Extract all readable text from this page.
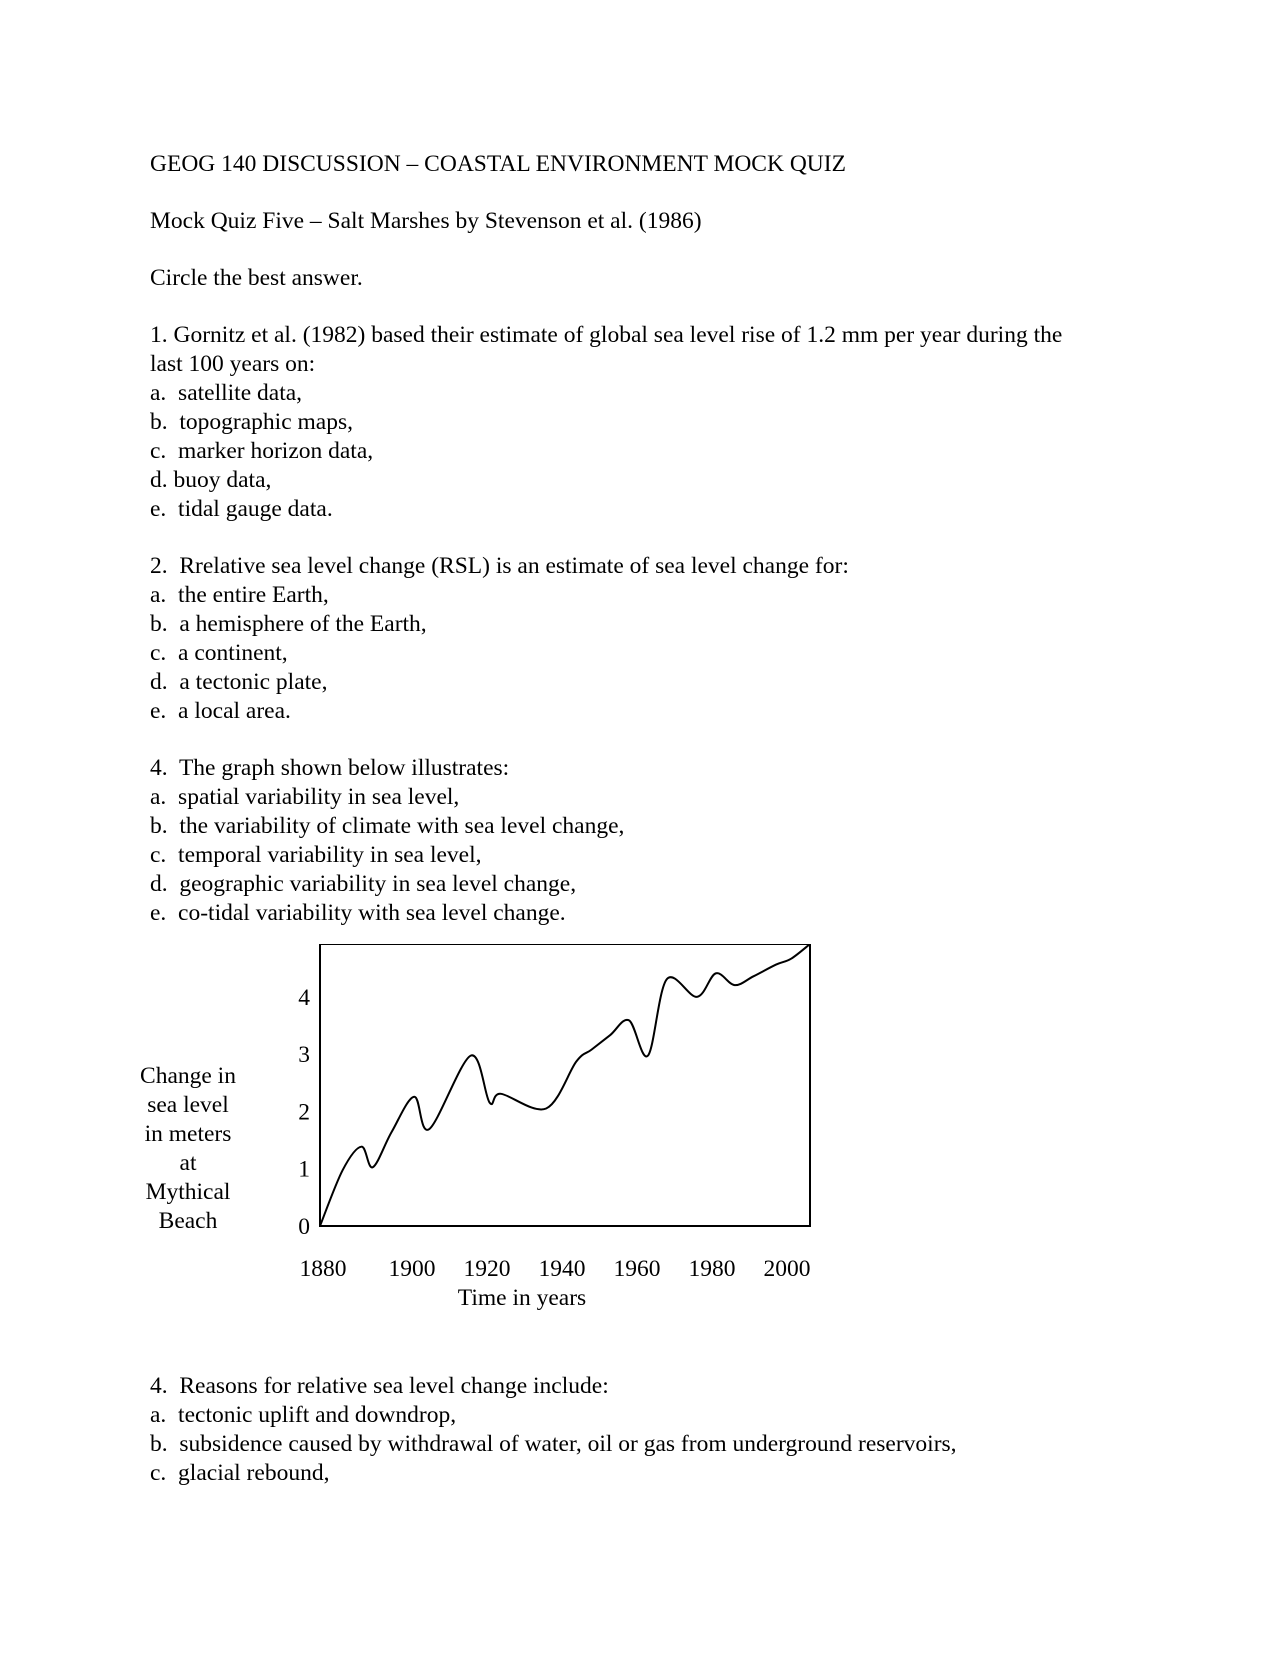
GEOG 140 DISCUSSION – COASTAL ENVIRONMENT MOCK QUIZ
Mock Quiz Five – Salt Marshes by Stevenson et al. (1986)
Circle the best answer.
1. Gornitz et al. (1982) based their estimate of global sea level rise of 1.2 mm per year during the
last 100 years on:
a.  satellite data,
b.  topographic maps,
c.  marker horizon data,
d. buoy data,
e.  tidal gauge data.
2.  Rrelative sea level change (RSL) is an estimate of sea level change for:
a.  the entire Earth,
b.  a hemisphere of the Earth,
c.  a continent,
d.  a tectonic plate,
e.  a local area.
4.  The graph shown below illustrates:
a.  spatial variability in sea level,
b.  the variability of climate with sea level change,
c.  temporal variability in sea level,
d.  geographic variability in sea level change,
e.  co-tidal variability with sea level change.
Change in
sea level
in meters
at
Mythical
Beach	0
1
2
3
4
1880 1900 1920 1940 1960 1980 2000
Time in years
4.  Reasons for relative sea level change include:
a.  tectonic uplift and downdrop,
b.  subsidence caused by withdrawal of water, oil or gas from underground reservoirs,
c.  glacial rebound,
